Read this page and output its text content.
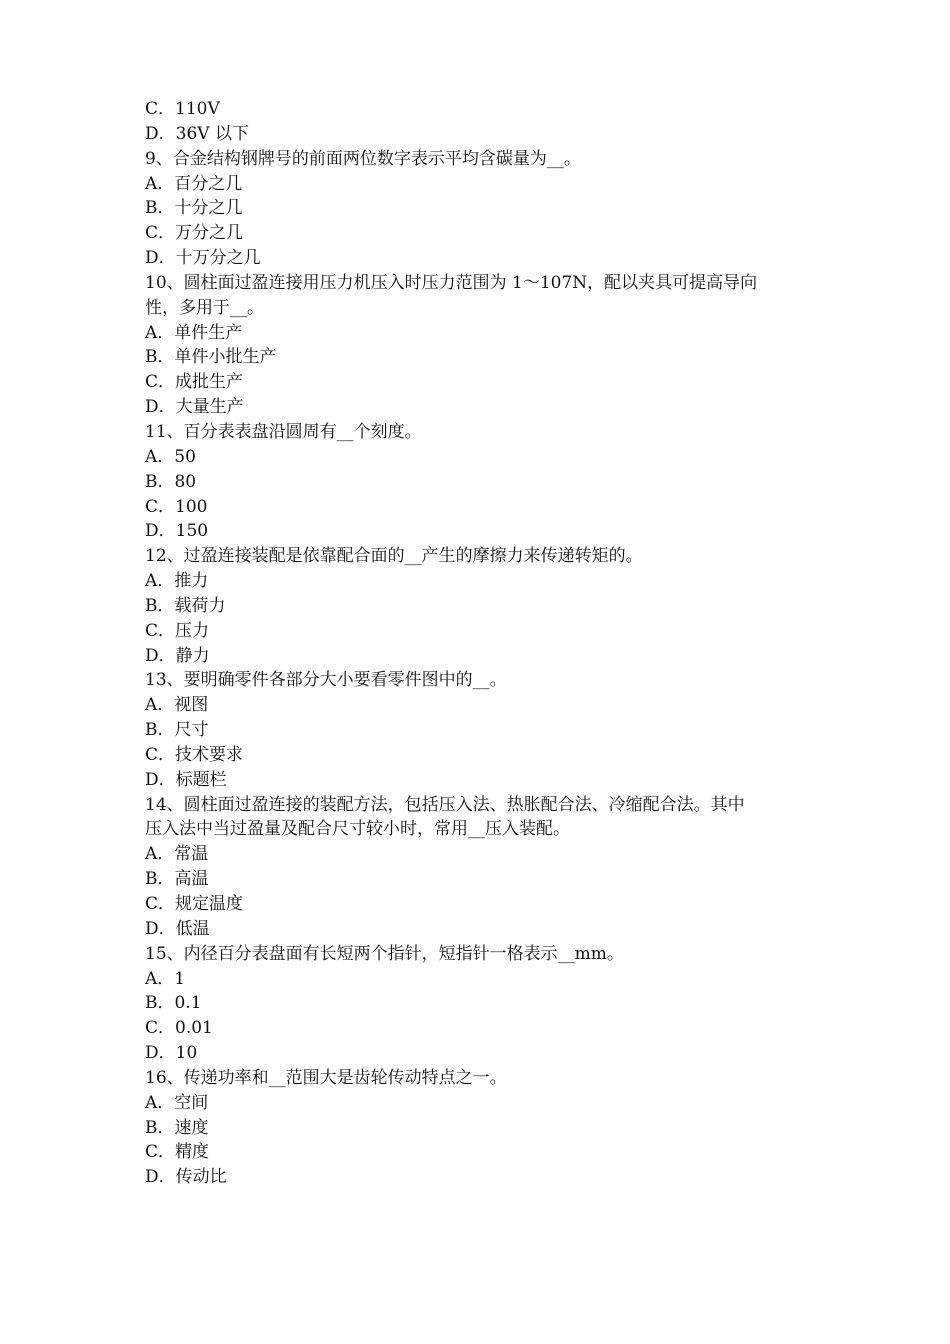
C．110V
D．36V 以下
9、合金结构钢牌号的前面两位数字表示平均含碳量为__。
A．百分之几
B．十分之几
C．万分之几
D．十万分之几
10、圆柱面过盈连接用压力机压入时压力范围为 1～107N，配以夹具可提高导向
性，多用于__。
A．单件生产
B．单件小批生产
C．成批生产
D．大量生产
11、百分表表盘沿圆周有__个刻度。
A．50
B．80
C．100
D．150
12、过盈连接装配是依靠配合面的__产生的摩擦力来传递转矩的。
A．推力
B．载荷力
C．压力
D．静力
13、要明确零件各部分大小要看零件图中的__。
A．视图
B．尺寸
C．技术要求
D．标题栏
14、圆柱面过盈连接的装配方法，包括压入法、热胀配合法、冷缩配合法。其中
压入法中当过盈量及配合尺寸较小时，常用__压入装配。
A．常温
B．高温
C．规定温度
D．低温
15、内径百分表盘面有长短两个指针，短指针一格表示__mm。
A．1
B．0.1
C．0.01
D．10
16、传递功率和__范围大是齿轮传动特点之一。
A．空间
B．速度
C．精度
D．传动比
